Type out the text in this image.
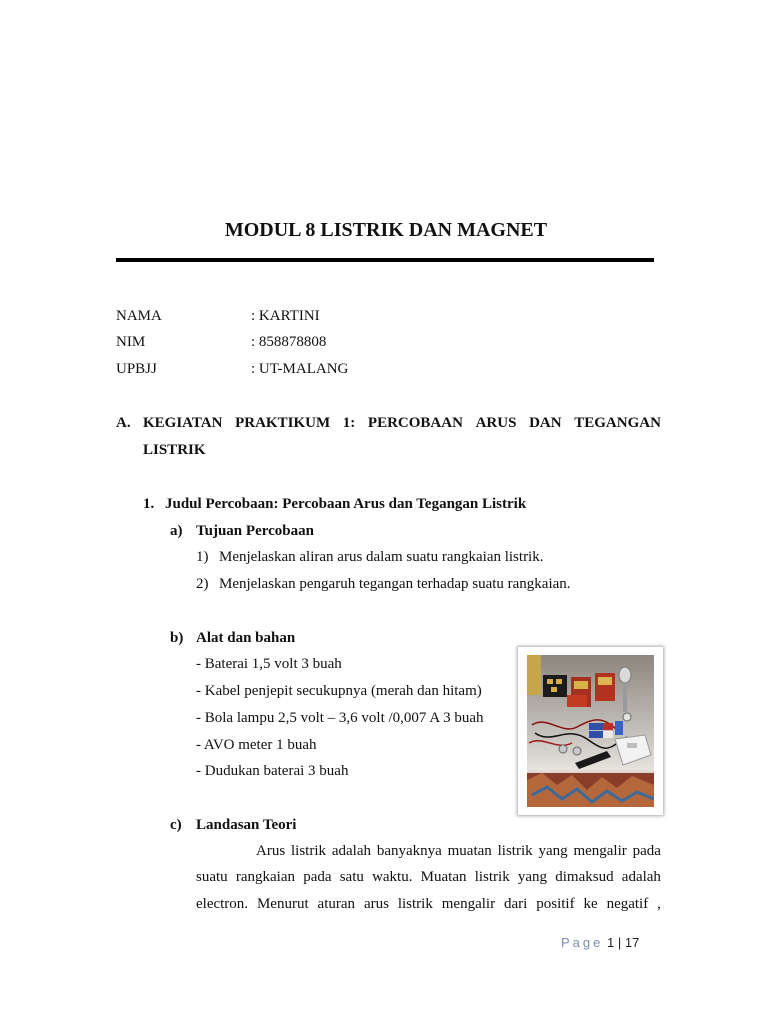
MODUL 8 LISTRIK DAN MAGNET
NAMA	: KARTINI
NIM	: 858878808
UPBJJ	: UT-MALANG
A. KEGIATAN PRAKTIKUM 1: PERCOBAAN ARUS DAN TEGANGAN
LISTRIK
1. Judul Percobaan: Percobaan Arus dan Tegangan Listrik
a) Tujuan Percobaan
1) Menjelaskan aliran arus dalam suatu rangkaian listrik.
2) Menjelaskan pengaruh tegangan terhadap suatu rangkaian.
b) Alat dan bahan
- Baterai 1,5 volt 3 buah
- Kabel penjepit secukupnya (merah dan hitam)
- Bola lampu 2,5 volt – 3,6 volt /0,007 A 3 buah
- AVO meter 1 buah
- Dudukan baterai 3 buah
c) Landasan Teori
Arus listrik adalah banyaknya muatan listrik yang mengalir pada
suatu rangkaian pada satu waktu. Muatan listrik yang dimaksud adalah
electron. Menurut aturan arus listrik mengalir dari positif ke negatif ,
Page 1 | 17
